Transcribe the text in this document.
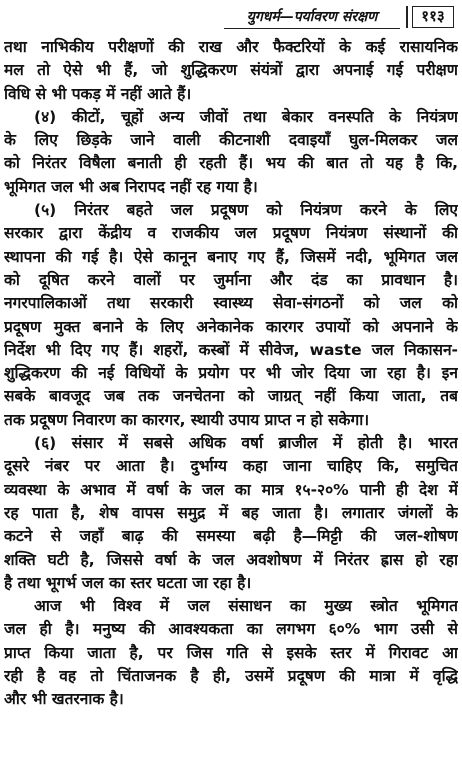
युगधर्म—पर्यावरण संरक्षण	११३
तथा नाभिकीय परीक्षणों की राख और फैक्टरियों के कई रासायनिक
मल तो ऐसे भी हैं, जो शुद्धिकरण संयंत्रों द्वारा अपनाई गई परीक्षण
विधि से भी पकड़ में नहीं आते हैं।
(४) कीटों, चूहों अन्य जीवों तथा बेकार वनस्पति के नियंत्रण
के लिए छिड़के जाने वाली कीटनाशी दवाइयाँ घुल-मिलकर जल
को निरंतर विषैला बनाती ही रहती हैं। भय की बात तो यह है कि,
भूमिगत जल भी अब निरापद नहीं रह गया है।
(५) निरंतर बहते जल प्रदूषण को नियंत्रण करने के लिए
सरकार द्वारा केंद्रीय व राजकीय जल प्रदूषण नियंत्रण संस्थानों की
स्थापना की गई है। ऐसे कानून बनाए गए हैं, जिसमें नदी, भूमिगत जल
को दूषित करने वालों पर जुर्माना और दंड का प्रावधान है।
नगरपालिकाओं तथा सरकारी स्वास्थ्य सेवा-संगठनों को जल को
प्रदूषण मुक्त बनाने के लिए अनेकानेक कारगर उपायों को अपनाने के
निर्देश भी दिए गए हैं। शहरों, कस्बों में सीवेज, waste जल निकासन-
शुद्धिकरण की नई विधियों के प्रयोग पर भी जोर दिया जा रहा है। इन
सबके बावजूद जब तक जनचेतना को जाग्रत् नहीं किया जाता, तब
तक प्रदूषण निवारण का कारगर, स्थायी उपाय प्राप्त न हो सकेगा।
(६) संसार में सबसे अधिक वर्षा ब्राजील में होती है। भारत
दूसरे नंबर पर आता है। दुर्भाग्य कहा जाना चाहिए कि, समुचित
व्यवस्था के अभाव में वर्षा के जल का मात्र १५-२०% पानी ही देश में
रह पाता है, शेष वापस समुद्र में बह जाता है। लगातार जंगलों के
कटने से जहाँ बाढ़ की समस्या बढ़ी है—मिट्टी की जल-शोषण
शक्ति घटी है, जिससे वर्षा के जल अवशोषण में निरंतर ह्रास हो रहा
है तथा भूगर्भ जल का स्तर घटता जा रहा है।
आज भी विश्व में जल संसाधन का मुख्य स्त्रोत भूमिगत
जल ही है। मनुष्य की आवश्यकता का लगभग ६०% भाग उसी से
प्राप्त किया जाता है, पर जिस गति से इसके स्तर में गिरावट आ
रही है वह तो चिंताजनक है ही, उसमें प्रदूषण की मात्रा में वृद्धि
और भी खतरनाक है।
